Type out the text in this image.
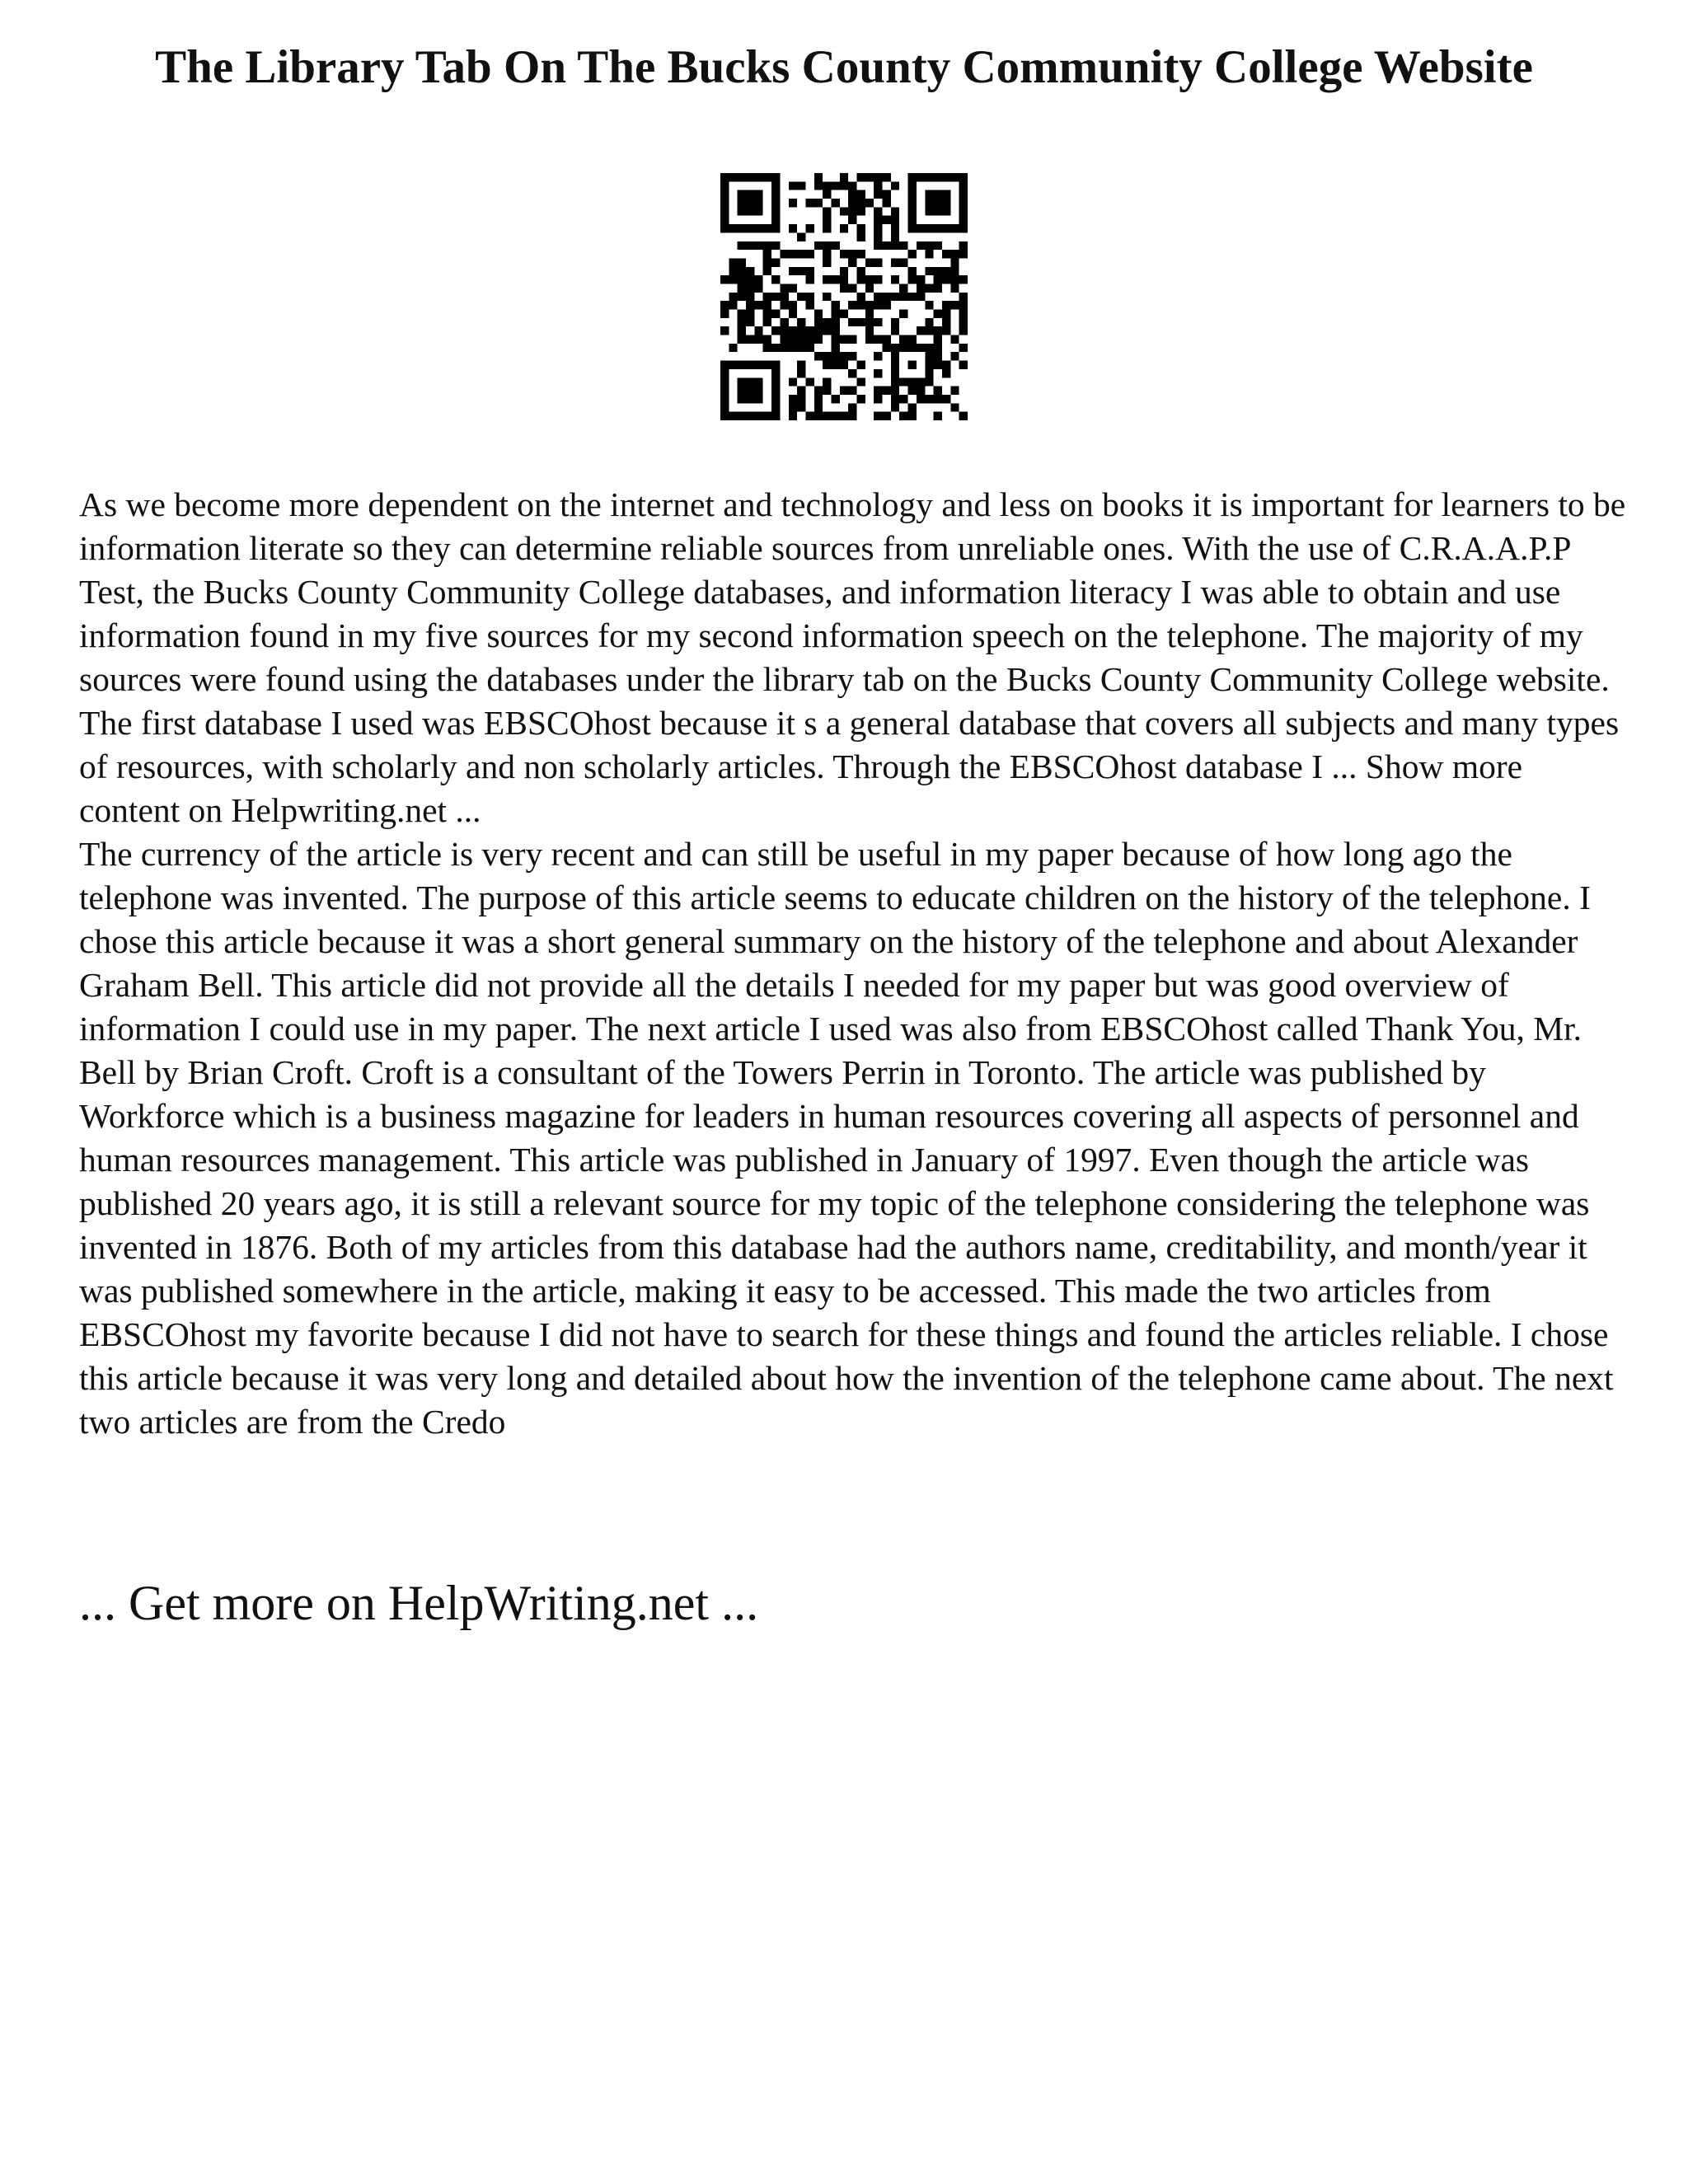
The Library Tab On The Bucks County Community College Website

As we become more dependent on the internet and technology and less on books it is important for learners to be information literate so they can determine reliable sources from unreliable ones. With the use of C.R.A.A.P.P Test, the Bucks County Community College databases, and information literacy I was able to obtain and use information found in my five sources for my second information speech on the telephone. The majority of my sources were found using the databases under the library tab on the Bucks County Community College website. The first database I used was EBSCOhost because it s a general database that covers all subjects and many types of resources, with scholarly and non scholarly articles. Through the EBSCOhost database I ... Show more content on Helpwriting.net ...

The currency of the article is very recent and can still be useful in my paper because of how long ago the telephone was invented. The purpose of this article seems to educate children on the history of the telephone. I chose this article because it was a short general summary on the history of the telephone and about Alexander Graham Bell. This article did not provide all the details I needed for my paper but was good overview of information I could use in my paper. The next article I used was also from EBSCOhost called Thank You, Mr. Bell by Brian Croft. Croft is a consultant of the Towers Perrin in Toronto. The article was published by Workforce which is a business magazine for leaders in human resources covering all aspects of personnel and human resources management. This article was published in January of 1997. Even though the article was published 20 years ago, it is still a relevant source for my topic of the telephone considering the telephone was invented in 1876. Both of my articles from this database had the authors name, creditability, and month/year it was published somewhere in the article, making it easy to be accessed. This made the two articles from EBSCOhost my favorite because I did not have to search for these things and found the articles reliable. I chose this article because it was very long and detailed about how the invention of the telephone came about. The next two articles are from the Credo

... Get more on HelpWriting.net ...
